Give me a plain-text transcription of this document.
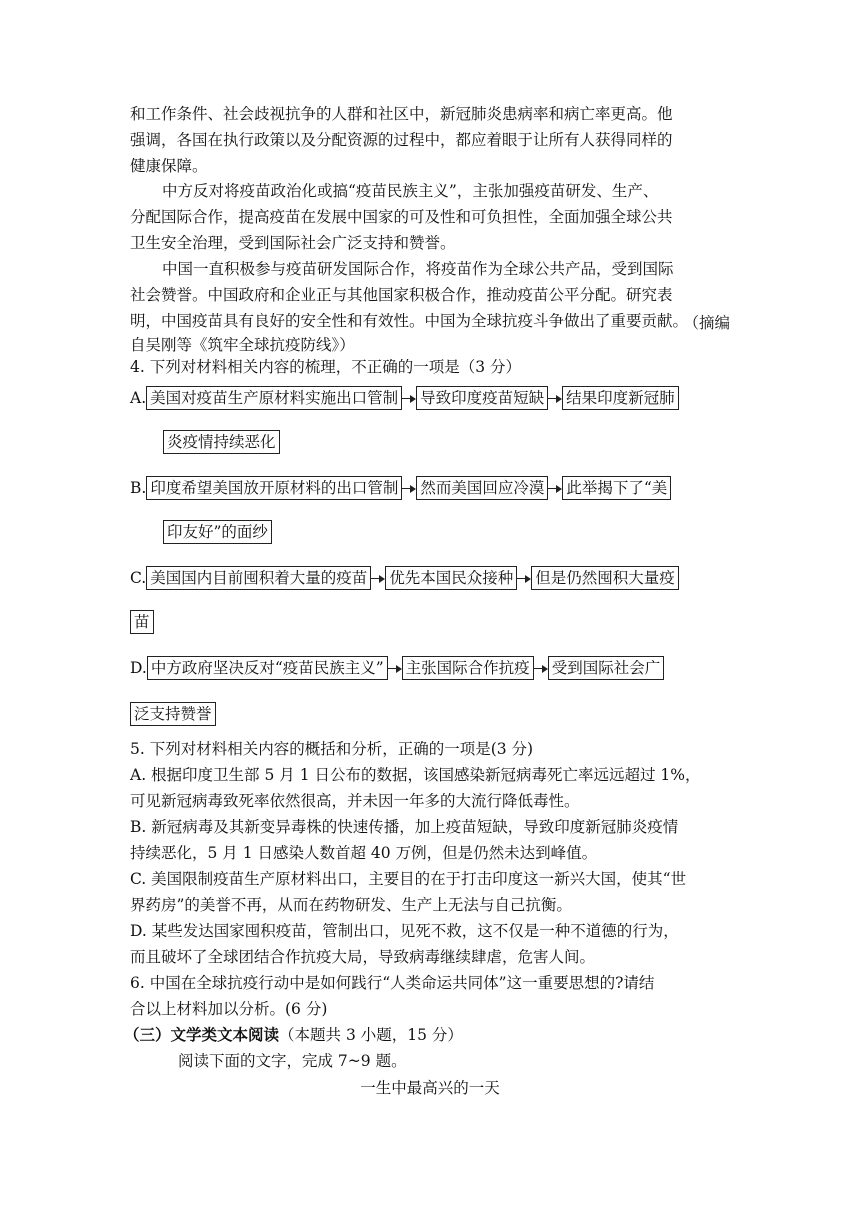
和工作条件、社会歧视抗争的人群和社区中，新冠肺炎患病率和病亡率更高。他
强调，各国在执行政策以及分配资源的过程中，都应着眼于让所有人获得同样的
健康保障。
中方反对将疫苗政治化或搞“疫苗民族主义”，主张加强疫苗研发、生产、
分配国际合作，提高疫苗在发展中国家的可及性和可负担性，全面加强全球公共
卫生安全治理，受到国际社会广泛支持和赞誉。
中国一直积极参与疫苗研发国际合作，将疫苗作为全球公共产品，受到国际
社会赞誉。中国政府和企业正与其他国家积极合作，推动疫苗公平分配。研究表
明，中国疫苗具有良好的安全性和有效性。中国为全球抗疫斗争做出了重要贡献。
（摘编
自吴刚等《筑牢全球抗疫防线》）
4. 下列对材料相关内容的梳理，不正确的一项是（3 分）
A. 美国对疫苗生产原材料实施出口管制 导致印度疫苗短缺 结果印度新冠肺
炎疫情持续恶化
B. 印度希望美国放开原材料的出口管制 然而美国回应冷漠 此举揭下了“美
印友好”的面纱
C. 美国国内目前囤积着大量的疫苗 优先本国民众接种 但是仍然囤积大量疫
苗
D. 中方政府坚决反对“疫苗民族主义” 主张国际合作抗疫 受到国际社会广
泛支持赞誉
5. 下列对材料相关内容的概括和分析，正确的一项是(3 分)
A. 根据印度卫生部 5 月 1 日公布的数据，该国感染新冠病毒死亡率远远超过 1%，
可见新冠病毒致死率依然很高，并未因一年多的大流行降低毒性。
B. 新冠病毒及其新变异毒株的快速传播，加上疫苗短缺，导致印度新冠肺炎疫情
持续恶化，5 月 1 日感染人数首超 40 万例，但是仍然未达到峰值。
C. 美国限制疫苗生产原材料出口，主要目的在于打击印度这一新兴大国，使其“世
界药房”的美誉不再，从而在药物研发、生产上无法与自己抗衡。
D. 某些发达国家囤积疫苗，管制出口，见死不救，这不仅是一种不道德的行为，
而且破坏了全球团结合作抗疫大局，导致病毒继续肆虐，危害人间。
6. 中国在全球抗疫行动中是如何践行“人类命运共同体”这一重要思想的?请结
合以上材料加以分析。(6 分)
（三）文学类文本阅读（本题共 3 小题，15 分）
阅读下面的文字，完成 7~9 题。
一生中最高兴的一天
